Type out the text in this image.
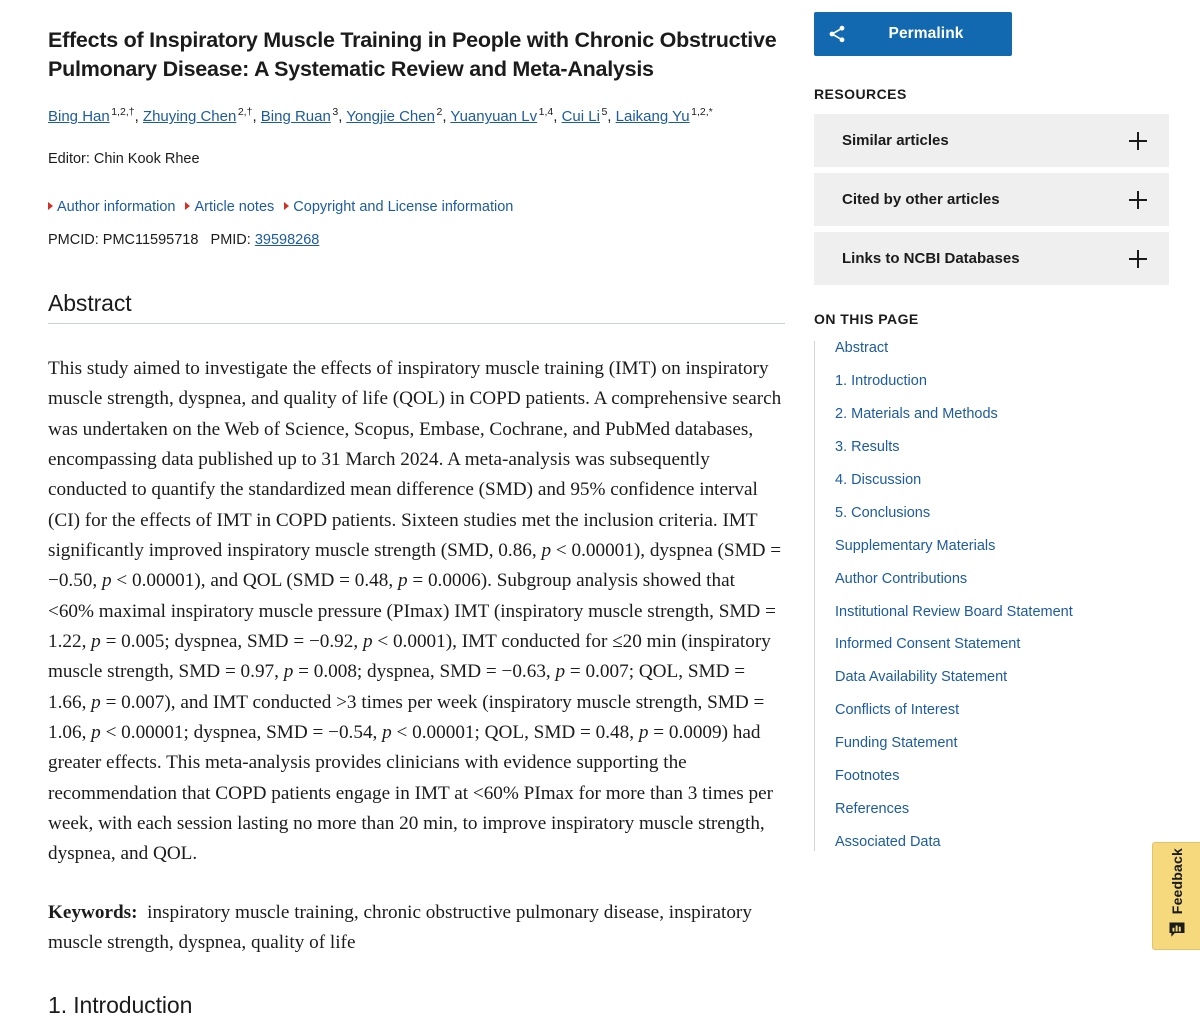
Effects of Inspiratory Muscle Training in People with Chronic Obstructive Pulmonary Disease: A Systematic Review and Meta-Analysis
Bing Han $^{1,2,\dagger}$, Zhuying Chen $^{2,\dagger}$, Bing Ruan $^3$, Yongjie Chen $^2$, Yuanyuan Lv $^{1,4}$, Cui Li $^5$, Laikang Yu $^{1,2,*}$
Editor: Chin Kook Rhee
Author information Article notes Copyright and License information
PMCID: PMC11595718 PMID: 39598268
Abstract

This study aimed to investigate the effects of inspiratory muscle training (IMT) on inspiratory muscle strength, dyspnea, and quality of life (QOL) in COPD patients. A comprehensive search was undertaken on the Web of Science, Scopus, Embase, Cochrane, and PubMed databases, encompassing data published up to 31 March 2024. A meta-analysis was subsequently conducted to quantify the standardized mean difference (SMD) and 95% confidence interval (CI) for the effects of IMT in COPD patients. Sixteen studies met the inclusion criteria. IMT significantly improved inspiratory muscle strength (SMD, 0.86, p < 0.00001), dyspnea (SMD = −0.50, p < 0.00001), and QOL (SMD = 0.48, p = 0.0006). Subgroup analysis showed that <60% maximal inspiratory muscle pressure (PImax) IMT (inspiratory muscle strength, SMD = 1.22, p = 0.005; dyspnea, SMD = −0.92, p < 0.0001), IMT conducted for ≤20 min (inspiratory muscle strength, SMD = 0.97, p = 0.008; dyspnea, SMD = −0.63, p = 0.007; QOL, SMD = 1.66, p = 0.007), and IMT conducted >3 times per week (inspiratory muscle strength, SMD = 1.06, p < 0.00001; dyspnea, SMD = −0.54, p < 0.00001; QOL, SMD = 0.48, p = 0.0009) had greater effects. This meta-analysis provides clinicians with evidence supporting the recommendation that COPD patients engage in IMT at <60% PImax for more than 3 times per week, with each session lasting no more than 20 min, to improve inspiratory muscle strength, dyspnea, and QOL.

Keywords: inspiratory muscle training, chronic obstructive pulmonary disease, inspiratory muscle strength, dyspnea, quality of life

1. Introduction
Permalink
RESOURCES
Similar articles
Cited by other articles
Links to NCBI Databases
ON THIS PAGE
Abstract
1. Introduction
2. Materials and Methods
3. Results
4. Discussion
5. Conclusions
Supplementary Materials
Author Contributions
Institutional Review Board Statement
Informed Consent Statement
Data Availability Statement
Conflicts of Interest
Funding Statement
Footnotes
References
Associated Data
Feedback
